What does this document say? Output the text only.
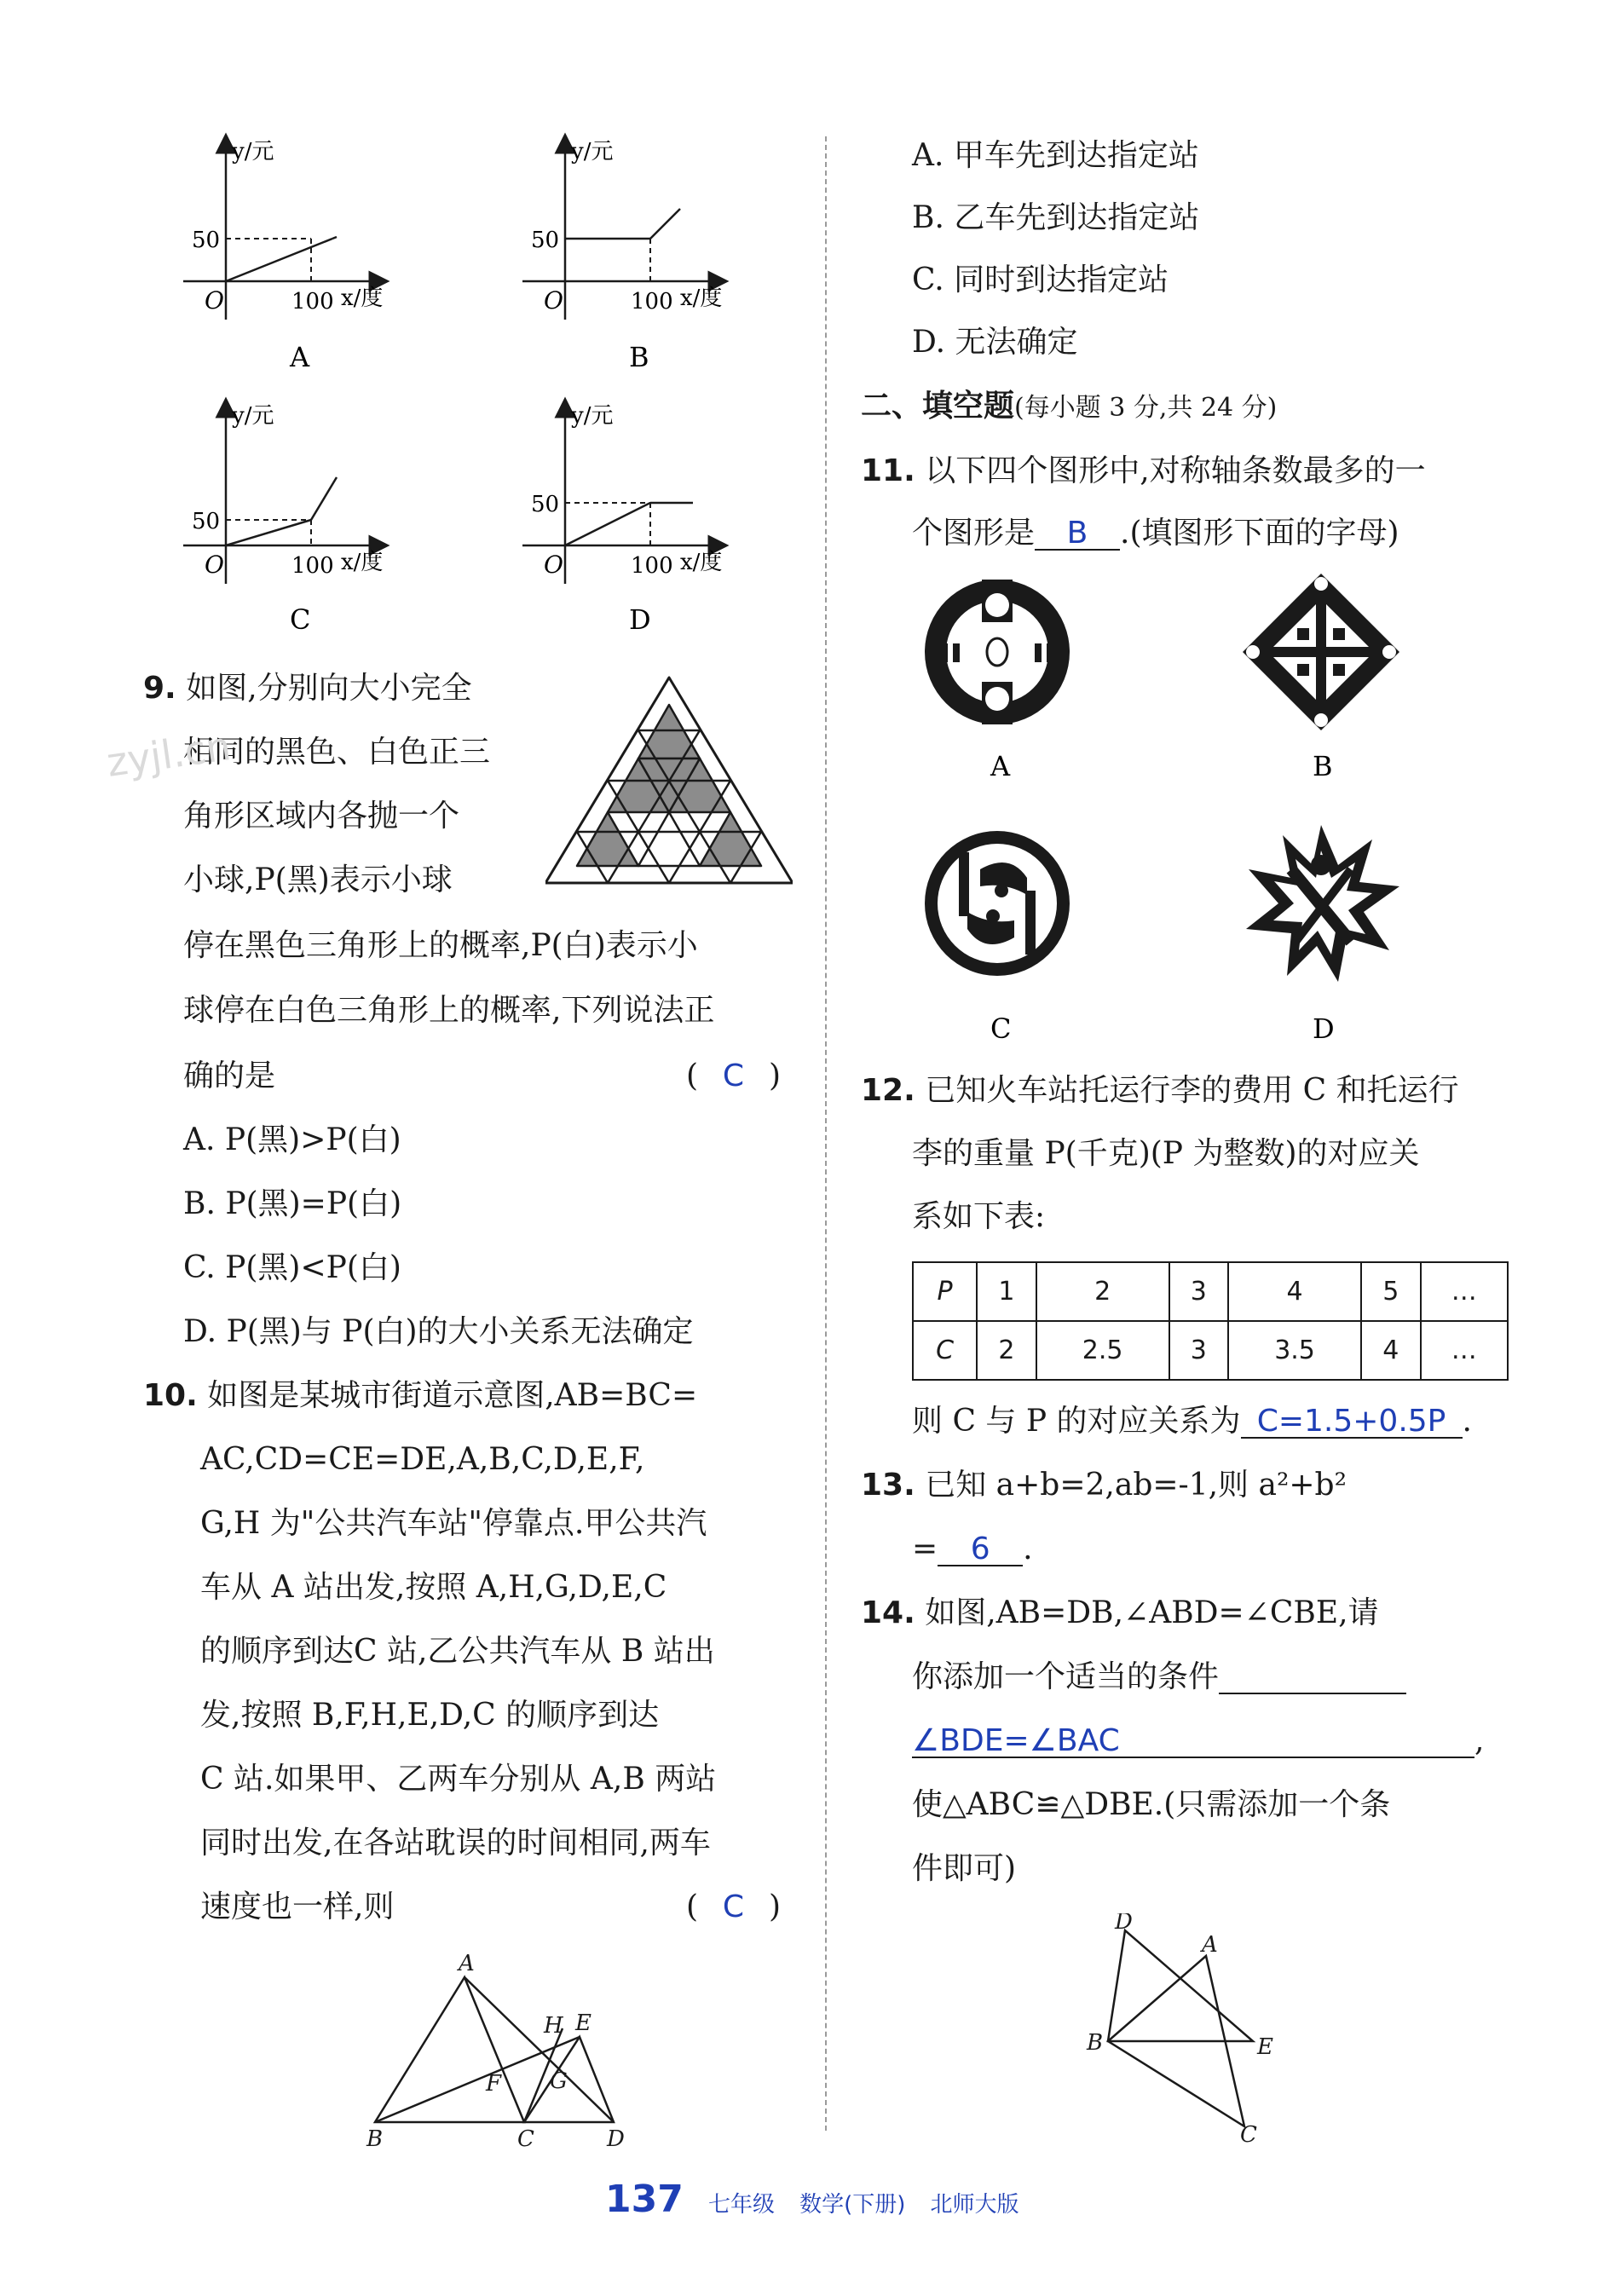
y/元
x/度
O
50
100
A
y/元
x/度
O
50
100
B
y/元
x/度
O
50
100
C
y/元
x/度
O
50
100
D
9. 如图,分别向大小完全
相同的黑色、白色正三
角形区域内各抛一个
小球,P(黑)表示小球
停在黑色三角形上的概率,P(白)表示小
球停在白色三角形上的概率,下列说法正
确的是	( C )
A. P(黑)>P(白)
B. P(黑)=P(白)
C. P(黑)<P(白)
D. P(黑)与 P(白)的大小关系无法确定
10. 如图是某城市街道示意图,AB=BC=
AC,CD=CE=DE,A,B,C,D,E,F,
G,H 为"公共汽车站"停靠点.甲公共汽
车从 A 站出发,按照 A,H,G,D,E,C
的顺序到达C 站,乙公共汽车从 B 站出
发,按照 B,F,H,E,D,C 的顺序到达
C 站.如果甲、乙两车分别从 A,B 两站
同时出发,在各站耽误的时间相同,两车
速度也一样,则	( C )
A
B	C	D
E
F G
H
A. 甲车先到达指定站
B. 乙车先到达指定站
C. 同时到达指定站
D. 无法确定
二、填空题(每小题 3 分,共 24 分)
11. 以下四个图形中,对称轴条数最多的一
个图形是 B .(填图形下面的字母)
A	B
C	D
12. 已知火车站托运行李的费用 C 和托运行
李的重量 P(千克)(P 为整数)的对应关
系如下表:
P	1	2	3	4	5	…
C	2	2.5	3	3.5	4	…
则 C 与 P 的对应关系为 C=1.5+0.5P .
13. 已知 a+b=2,ab=-1,则 a²+b²
= 6 .
14. 如图,AB=DB,∠ABD=∠CBE,请
你添加一个适当的条件
∠BDE=∠BAC	,
使△ABC≌△DBE.(只需添加一个条
件即可)
D
A
B	E
C
zyjl.cn
137 七年级 数学(下册) 北师大版
